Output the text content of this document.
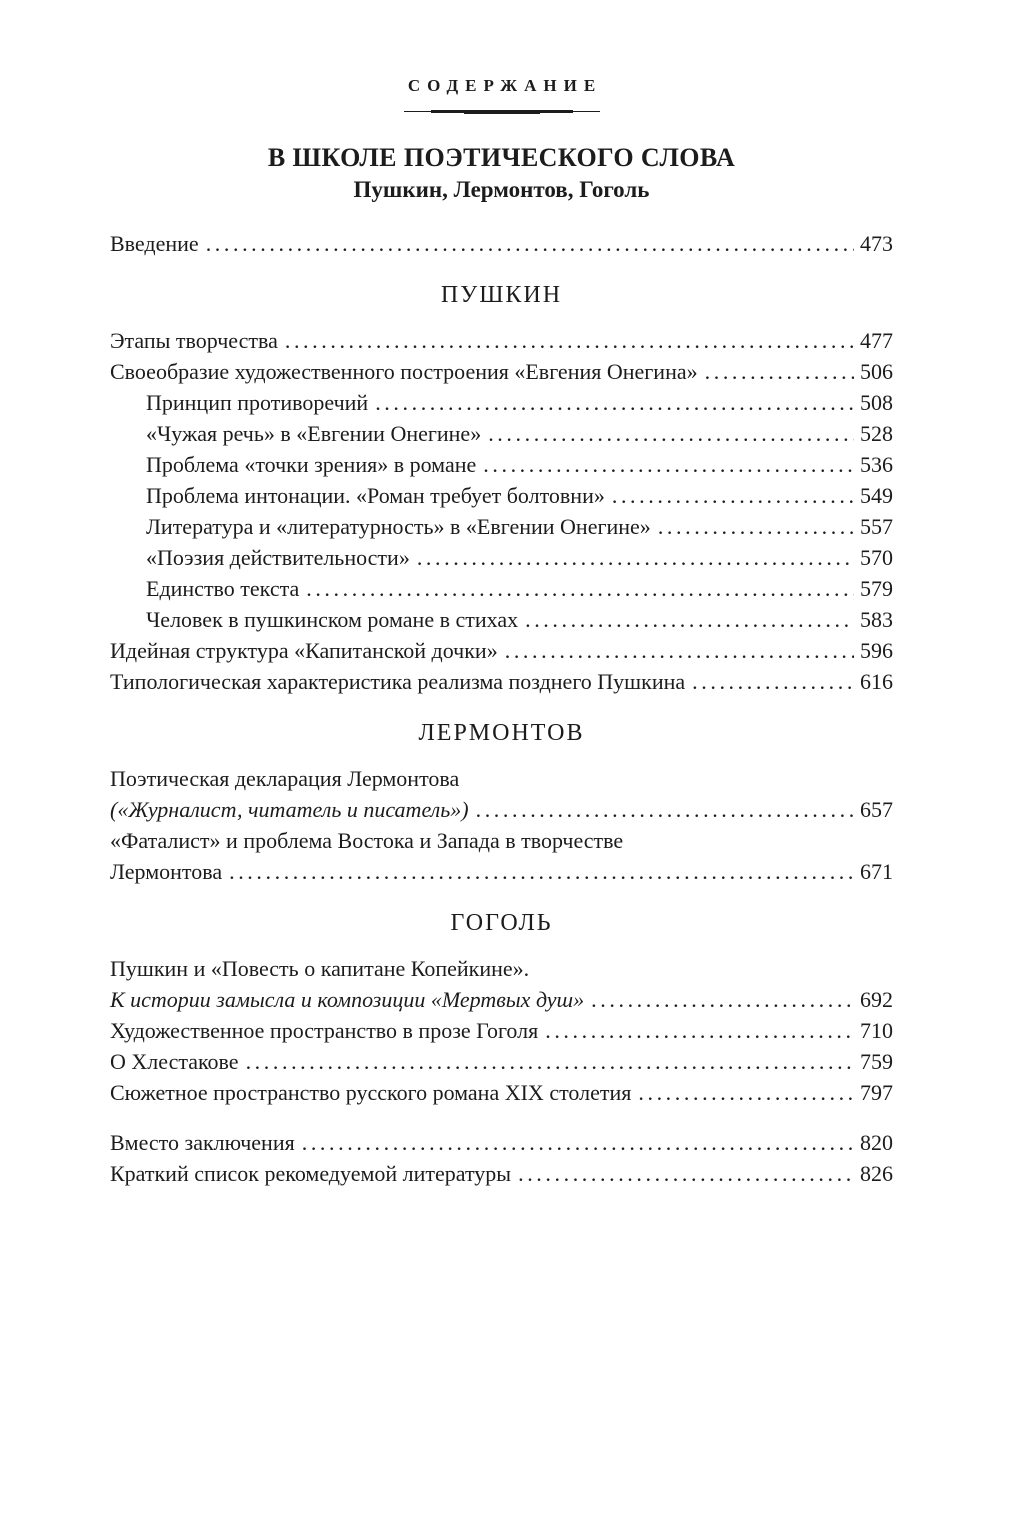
СОДЕРЖАНИЕ
В ШКОЛЕ ПОЭТИЧЕСКОГО СЛОВА
Пушкин, Лермонтов, Гоголь
Введение .....	473
ПУШКИН
Этапы творчества .....	477
Своеобразие художественного построения «Евгения Онегина» .....	506
Принцип противоречий .....	508
«Чужая речь» в «Евгении Онегине» .....	528
Проблема «точки зрения» в романе .....	536
Проблема интонации. «Роман требует болтовни» .....	549
Литература и «литературность» в «Евгении Онегине» .....	557
«Поэзия действительности» .....	570
Единство текста .....	579
Человек в пушкинском романе в стихах .....	583
Идейная структура «Капитанской дочки» .....	596
Типологическая характеристика реализма позднего Пушкина .....	616
ЛЕРМОНТОВ
Поэтическая декларация Лермонтова
(«Журналист, читатель и писатель») .....	657
«Фаталист» и проблема Востока и Запада в творчестве
Лермонтова .....	671
ГОГОЛЬ
Пушкин и «Повесть о капитане Копейкине».
К истории замысла и композиции «Мертвых душ» .....	692
Художественное пространство в прозе Гоголя .....	710
О Хлестакове .....	759
Сюжетное пространство русского романа XIX столетия .....	797
Вместо заключения .....	820
Краткий список рекомедуемой литературы .....	826
